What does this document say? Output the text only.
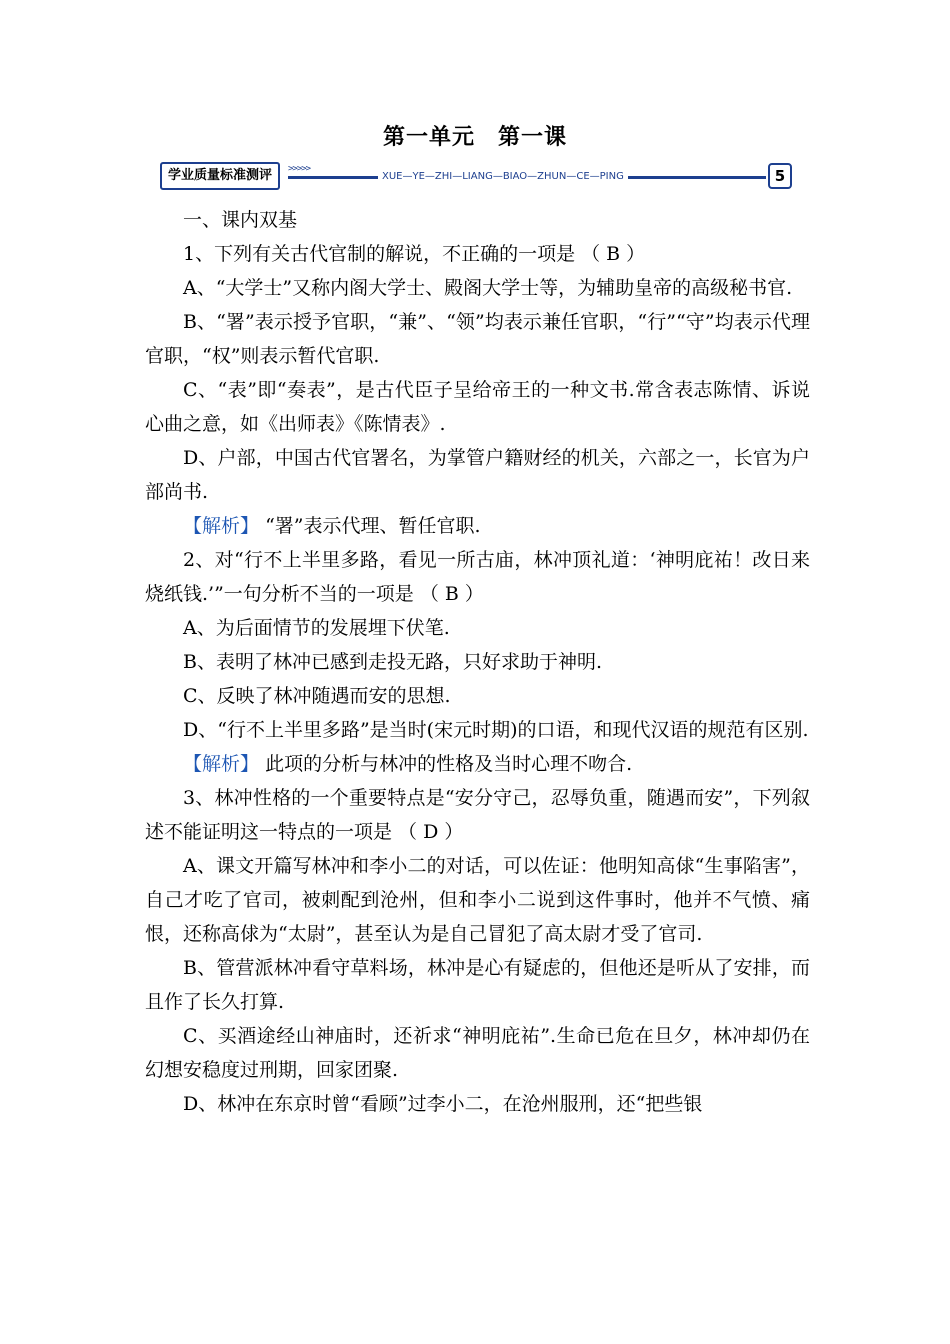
第一单元　第一课
>>>>>
学业质量标准测评	XUE—YE—ZHI—LIANG—BIAO—ZHUN—CE—PING	5

一、课内双基

1、下列有关古代官制的解说，不正确的一项是 （ B ）

A、“大学士”又称内阁大学士、殿阁大学士等，为辅助皇帝的高级秘书官.

B、“署”表示授予官职，“兼”、“领”均表示兼任官职，“行”“守”均表示代理官职，“权”则表示暂代官职.

C、“表”即“奏表”，是古代臣子呈给帝王的一种文书.常含表志陈情、诉说心曲之意，如《出师表》《陈情表》.

D、户部，中国古代官署名，为掌管户籍财经的机关，六部之一，长官为户部尚书.

【解析】 “署”表示代理、暂任官职.

2、对“行不上半里多路，看见一所古庙，林冲顶礼道：‘神明庇祐！改日来烧纸钱.’”一句分析不当的一项是 （ B ）

A、为后面情节的发展埋下伏笔.

B、表明了林冲已感到走投无路，只好求助于神明.

C、反映了林冲随遇而安的思想.

D、“行不上半里多路”是当时(宋元时期)的口语，和现代汉语的规范有区别.

【解析】 此项的分析与林冲的性格及当时心理不吻合.

3、林冲性格的一个重要特点是“安分守己，忍辱负重，随遇而安”，下列叙述不能证明这一特点的一项是 （ D ）

A、课文开篇写林冲和李小二的对话，可以佐证：他明知高俅“生事陷害”，自己才吃了官司，被刺配到沧州，但和李小二说到这件事时，他并不气愤、痛恨，还称高俅为“太尉”，甚至认为是自己冒犯了高太尉才受了官司.

B、管营派林冲看守草料场，林冲是心有疑虑的，但他还是听从了安排，而且作了长久打算.

C、买酒途经山神庙时，还祈求“神明庇祐”.生命已危在旦夕，林冲却仍在幻想安稳度过刑期，回家团聚.

D、林冲在东京时曾“看顾”过李小二，在沧州服刑，还“把些银
